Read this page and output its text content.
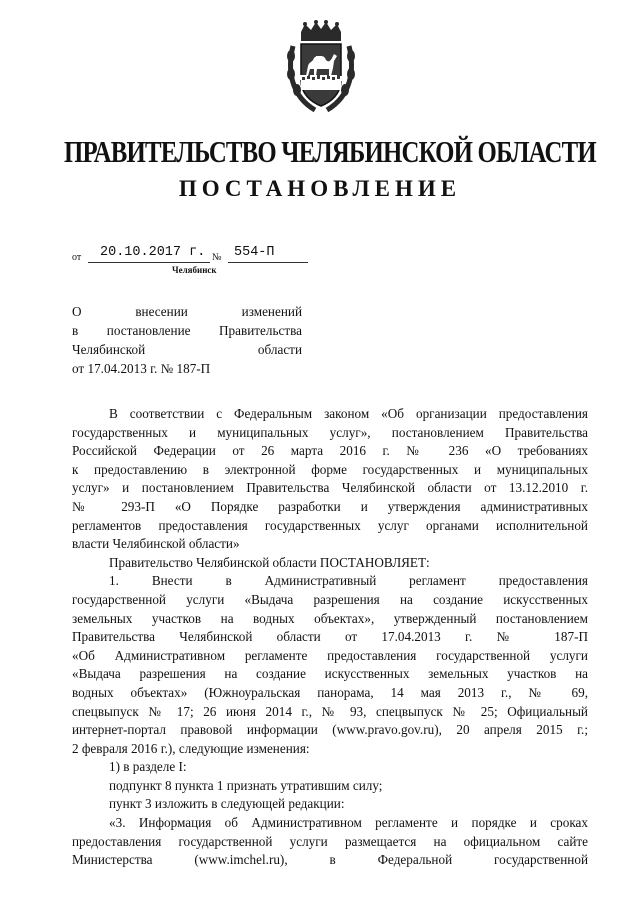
ПРАВИТЕЛЬСТВО ЧЕЛЯБИНСКОЙ ОБЛАСТИ
ПОСТАНОВЛЕНИЕ
от 20.10.2017 г. № 554-П
Челябинск
О внесении изменений
в постановление Правительства
Челябинской области
от 17.04.2013 г. № 187-П
В соответствии с Федеральным законом «Об организации предоставления
государственных и муниципальных услуг», постановлением Правительства
Российской Федерации от 26 марта 2016 г. № 236 «О требованиях
к предоставлению в электронной форме государственных и муниципальных
услуг» и постановлением Правительства Челябинской области от 13.12.2010 г.
№ 293-П «О Порядке разработки и утверждения административных
регламентов предоставления государственных услуг органами исполнительной
власти Челябинской области»
Правительство Челябинской области ПОСТАНОВЛЯЕТ:
1. Внести в Административный регламент предоставления
государственной услуги «Выдача разрешения на создание искусственных
земельных участков на водных объектах», утвержденный постановлением
Правительства Челябинской области от 17.04.2013 г. № 187-П
«Об Административном регламенте предоставления государственной услуги
«Выдача разрешения на создание искусственных земельных участков на
водных объектах» (Южноуральская панорама, 14 мая 2013 г., № 69,
спецвыпуск № 17; 26 июня 2014 г., № 93, спецвыпуск № 25; Официальный
интернет-портал правовой информации (www.pravo.gov.ru), 20 апреля 2015 г.;
2 февраля 2016 г.), следующие изменения:
1) в разделе I:
подпункт 8 пункта 1 признать утратившим силу;
пункт 3 изложить в следующей редакции:
«3. Информация об Административном регламенте и порядке и сроках
предоставления государственной услуги размещается на официальном сайте
Министерства (www.imchel.ru), в Федеральной государственной
